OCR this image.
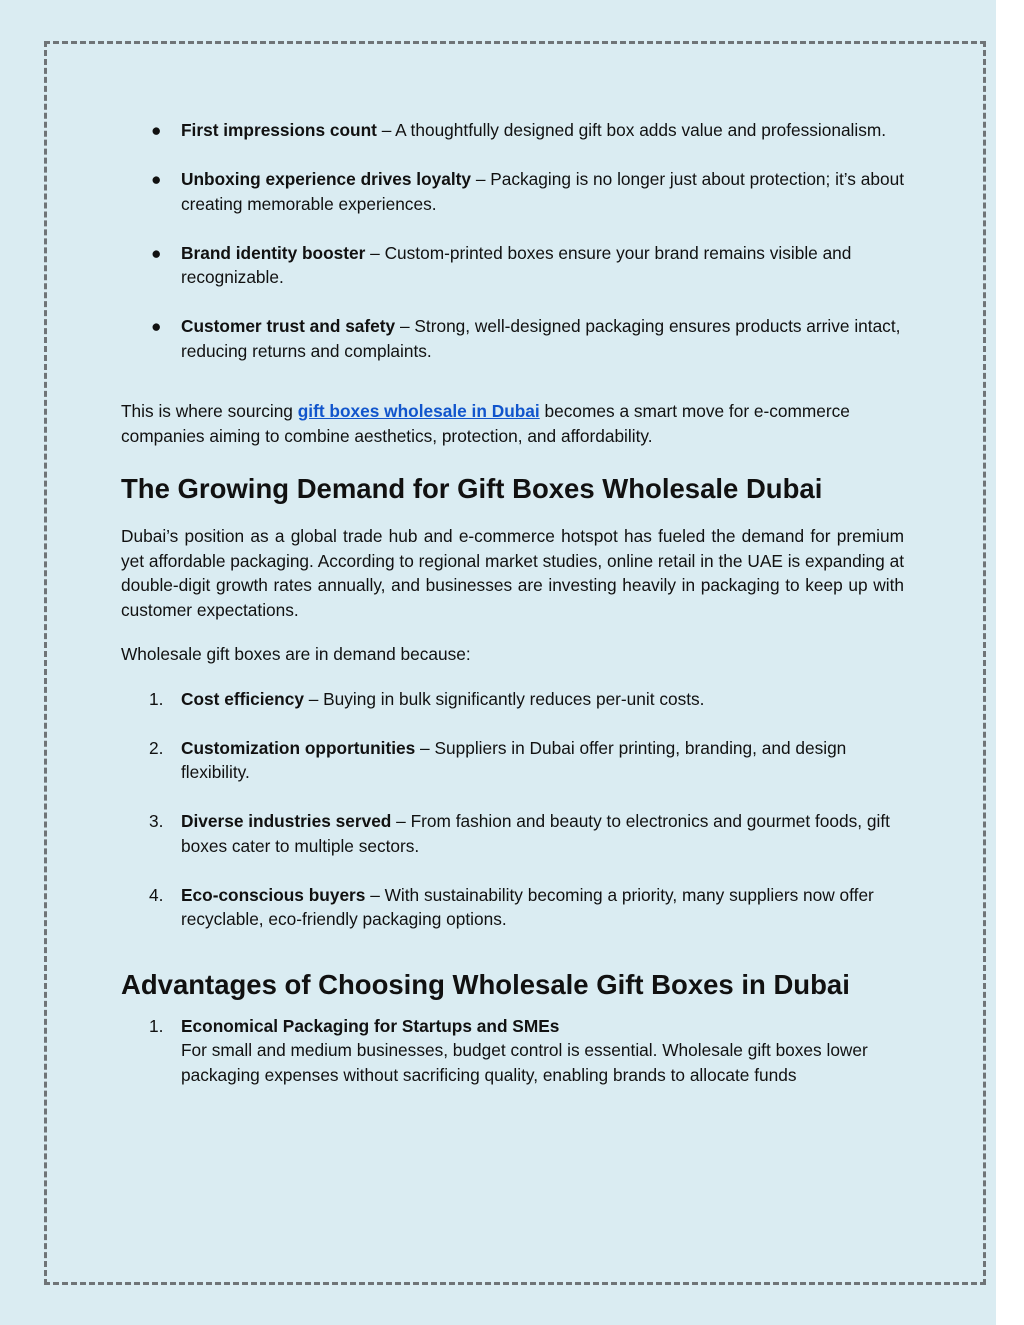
● First impressions count – A thoughtfully designed gift box adds value and professionalism.
● Unboxing experience drives loyalty – Packaging is no longer just about protection; it’s about creating memorable experiences.
● Brand identity booster – Custom-printed boxes ensure your brand remains visible and recognizable.
● Customer trust and safety – Strong, well-designed packaging ensures products arrive intact, reducing returns and complaints.

This is where sourcing gift boxes wholesale in Dubai becomes a smart move for e-commerce companies aiming to combine aesthetics, protection, and affordability.

The Growing Demand for Gift Boxes Wholesale Dubai

Dubai’s position as a global trade hub and e-commerce hotspot has fueled the demand for premium yet affordable packaging. According to regional market studies, online retail in the UAE is expanding at double-digit growth rates annually, and businesses are investing heavily in packaging to keep up with customer expectations.

Wholesale gift boxes are in demand because:

1. Cost efficiency – Buying in bulk significantly reduces per-unit costs.
2. Customization opportunities – Suppliers in Dubai offer printing, branding, and design flexibility.
3. Diverse industries served – From fashion and beauty to electronics and gourmet foods, gift boxes cater to multiple sectors.
4. Eco-conscious buyers – With sustainability becoming a priority, many suppliers now offer recyclable, eco-friendly packaging options.
Advantages of Choosing Wholesale Gift Boxes in Dubai
1. Economical Packaging for Startups and SMEs
For small and medium businesses, budget control is essential. Wholesale gift boxes lower packaging expenses without sacrificing quality, enabling brands to allocate funds
